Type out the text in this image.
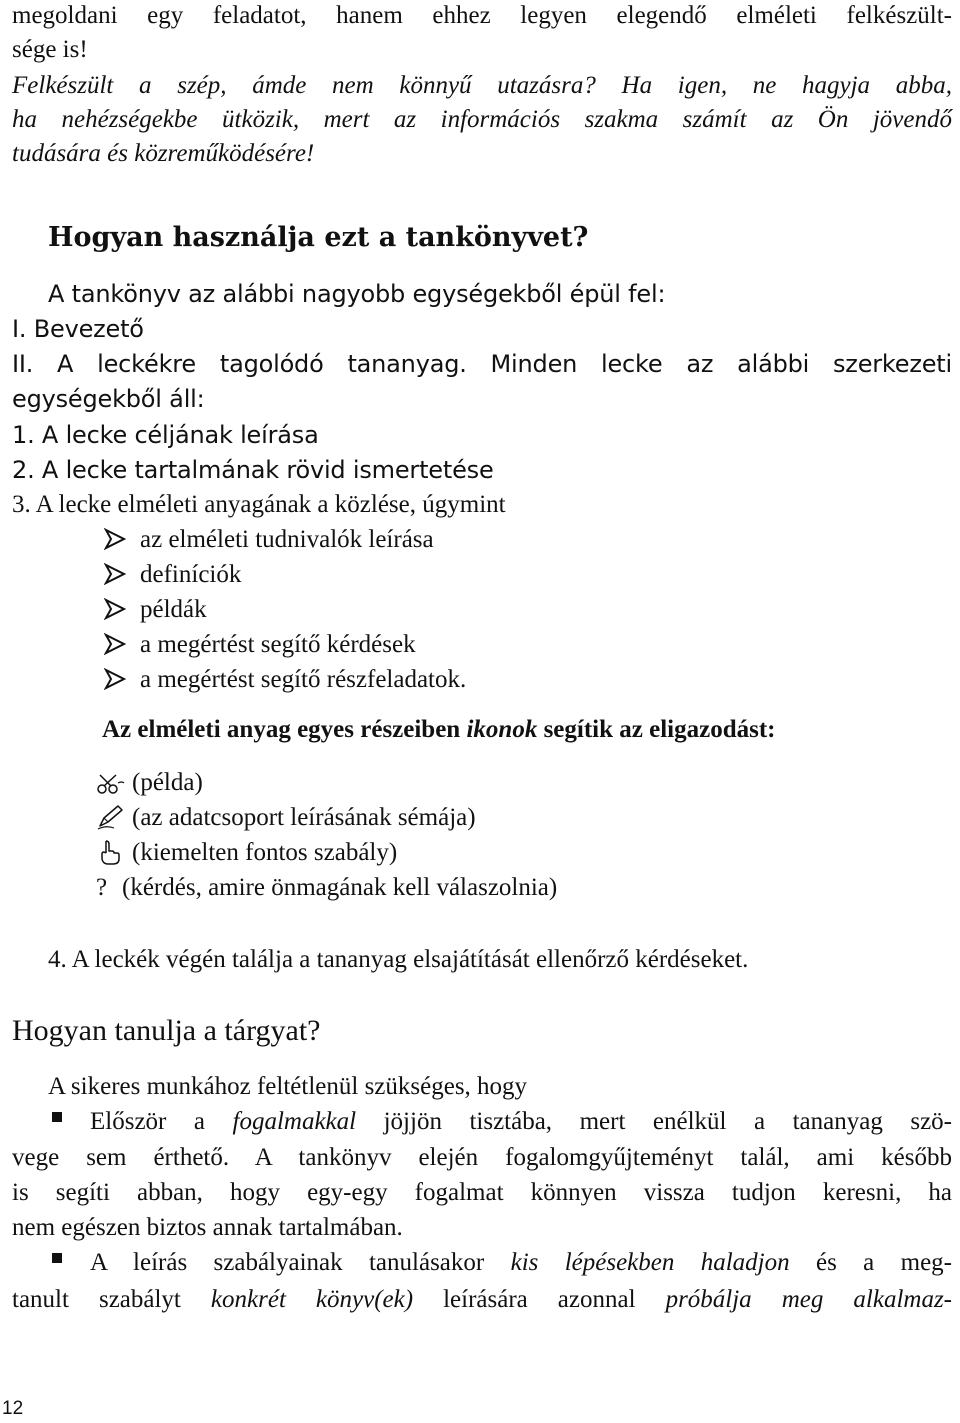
megoldani egy feladatot, hanem ehhez legyen elegendő elméleti felkészült-
sége is!
Felkészült a szép, ámde nem könnyű utazásra? Ha igen, ne hagyja abba,
ha nehézségekbe ütközik, mert az információs szakma számít az Ön jövendő
tudására és közreműködésére!
Hogyan használja ezt a tankönyvet?
A tankönyv az alábbi nagyobb egységekből épül fel:
I. Bevezető
II. A leckékre tagolódó tananyag. Minden lecke az alábbi szerkezeti
egységekből áll:
1. A lecke céljának leírása
2. A lecke tartalmának rövid ismertetése
3. A lecke elméleti anyagának a közlése, úgymint
az elméleti tudnivalók leírása
definíciók
példák
a megértést segítő kérdések
a megértést segítő részfeladatok.
Az elméleti anyag egyes részeiben ikonok segítik az eligazodást:
(példa)
(az adatcsoport leírásának sémája)
(kiemelten fontos szabály)
? (kérdés, amire önmagának kell válaszolnia)
4. A leckék végén találja a tananyag elsajátítását ellenőrző kérdéseket.
Hogyan tanulja a tárgyat?
A sikeres munkához feltétlenül szükséges, hogy
Először a fogalmakkal jöjjön tisztába, mert enélkül a tananyag szö-
vege sem érthető. A tankönyv elején fogalomgyűjteményt talál, ami később
is segíti abban, hogy egy-egy fogalmat könnyen vissza tudjon keresni, ha
nem egészen biztos annak tartalmában.
A leírás szabályainak tanulásakor kis lépésekben haladjon és a meg-
tanult szabályt konkrét könyv(ek) leírására azonnal próbálja meg alkalmaz-
12
